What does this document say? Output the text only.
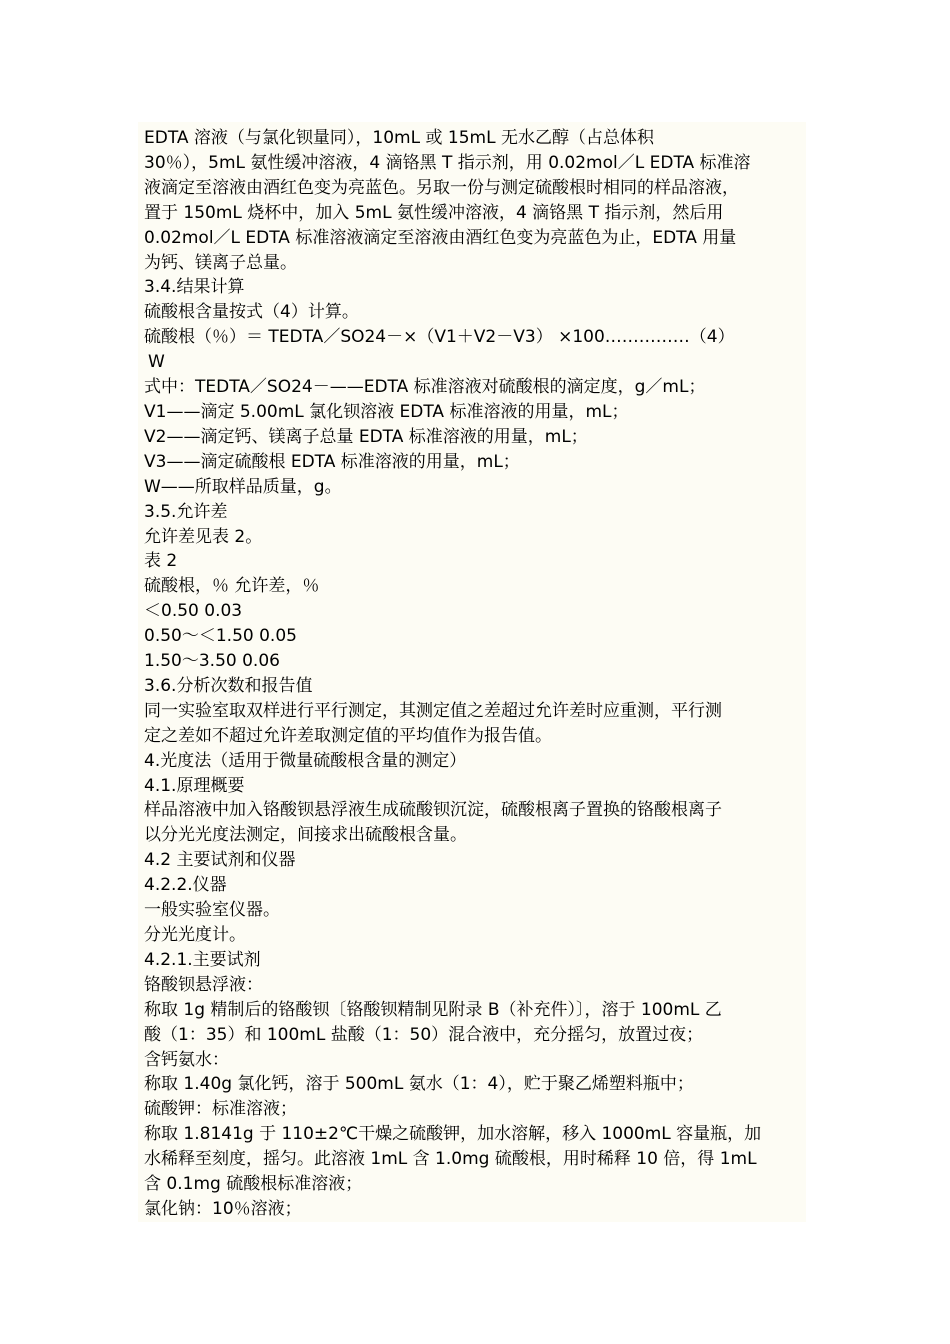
EDTA 溶液（与氯化钡量同），10mL 或 15mL 无水乙醇（占总体积
30％），5mL 氨性缓冲溶液，4 滴铬黑 T 指示剂，用 0.02mol／L EDTA 标准溶
液滴定至溶液由酒红色变为亮蓝色。另取一份与测定硫酸根时相同的样品溶液，
置于 150mL 烧杯中，加入 5mL 氨性缓冲溶液，4 滴铬黑 T 指示剂，然后用
0.02mol／L EDTA 标准溶液滴定至溶液由酒红色变为亮蓝色为止，EDTA 用量
为钙、镁离子总量。
3.4.结果计算
硫酸根含量按式（4）计算。
硫酸根（％）＝ TEDTA／SO24－×（V1＋V2－V3） ×100……………（4）
W
式中：TEDTA／SO24－——EDTA 标准溶液对硫酸根的滴定度，g／mL；
V1——滴定 5.00mL 氯化钡溶液 EDTA 标准溶液的用量，mL；
V2——滴定钙、镁离子总量 EDTA 标准溶液的用量，mL；
V3——滴定硫酸根 EDTA 标准溶液的用量，mL；
W——所取样品质量，g。
3.5.允许差
允许差见表 2。
表 2
硫酸根，％ 允许差，％
＜0.50 0.03
0.50～＜1.50 0.05
1.50～3.50 0.06
3.6.分析次数和报告值
同一实验室取双样进行平行测定，其测定值之差超过允许差时应重测，平行测
定之差如不超过允许差取测定值的平均值作为报告值。
4.光度法（适用于微量硫酸根含量的测定）
4.1.原理概要
样品溶液中加入铬酸钡悬浮液生成硫酸钡沉淀，硫酸根离子置换的铬酸根离子
以分光光度法测定，间接求出硫酸根含量。
4.2 主要试剂和仪器
4.2.2.仪器
一般实验室仪器。
分光光度计。
4.2.1.主要试剂
铬酸钡悬浮液：
称取 1g 精制后的铬酸钡〔铬酸钡精制见附录 B（补充件）〕，溶于 100mL 乙
酸（1：35）和 100mL 盐酸（1：50）混合液中，充分摇匀，放置过夜；
含钙氨水：
称取 1.40g 氯化钙，溶于 500mL 氨水（1：4），贮于聚乙烯塑料瓶中；
硫酸钾：标准溶液；
称取 1.8141g 于 110±2℃干燥之硫酸钾，加水溶解，移入 1000mL 容量瓶，加
水稀释至刻度，摇匀。此溶液 1mL 含 1.0mg 硫酸根，用时稀释 10 倍，得 1mL
含 0.1mg 硫酸根标准溶液；
氯化钠：10％溶液；
